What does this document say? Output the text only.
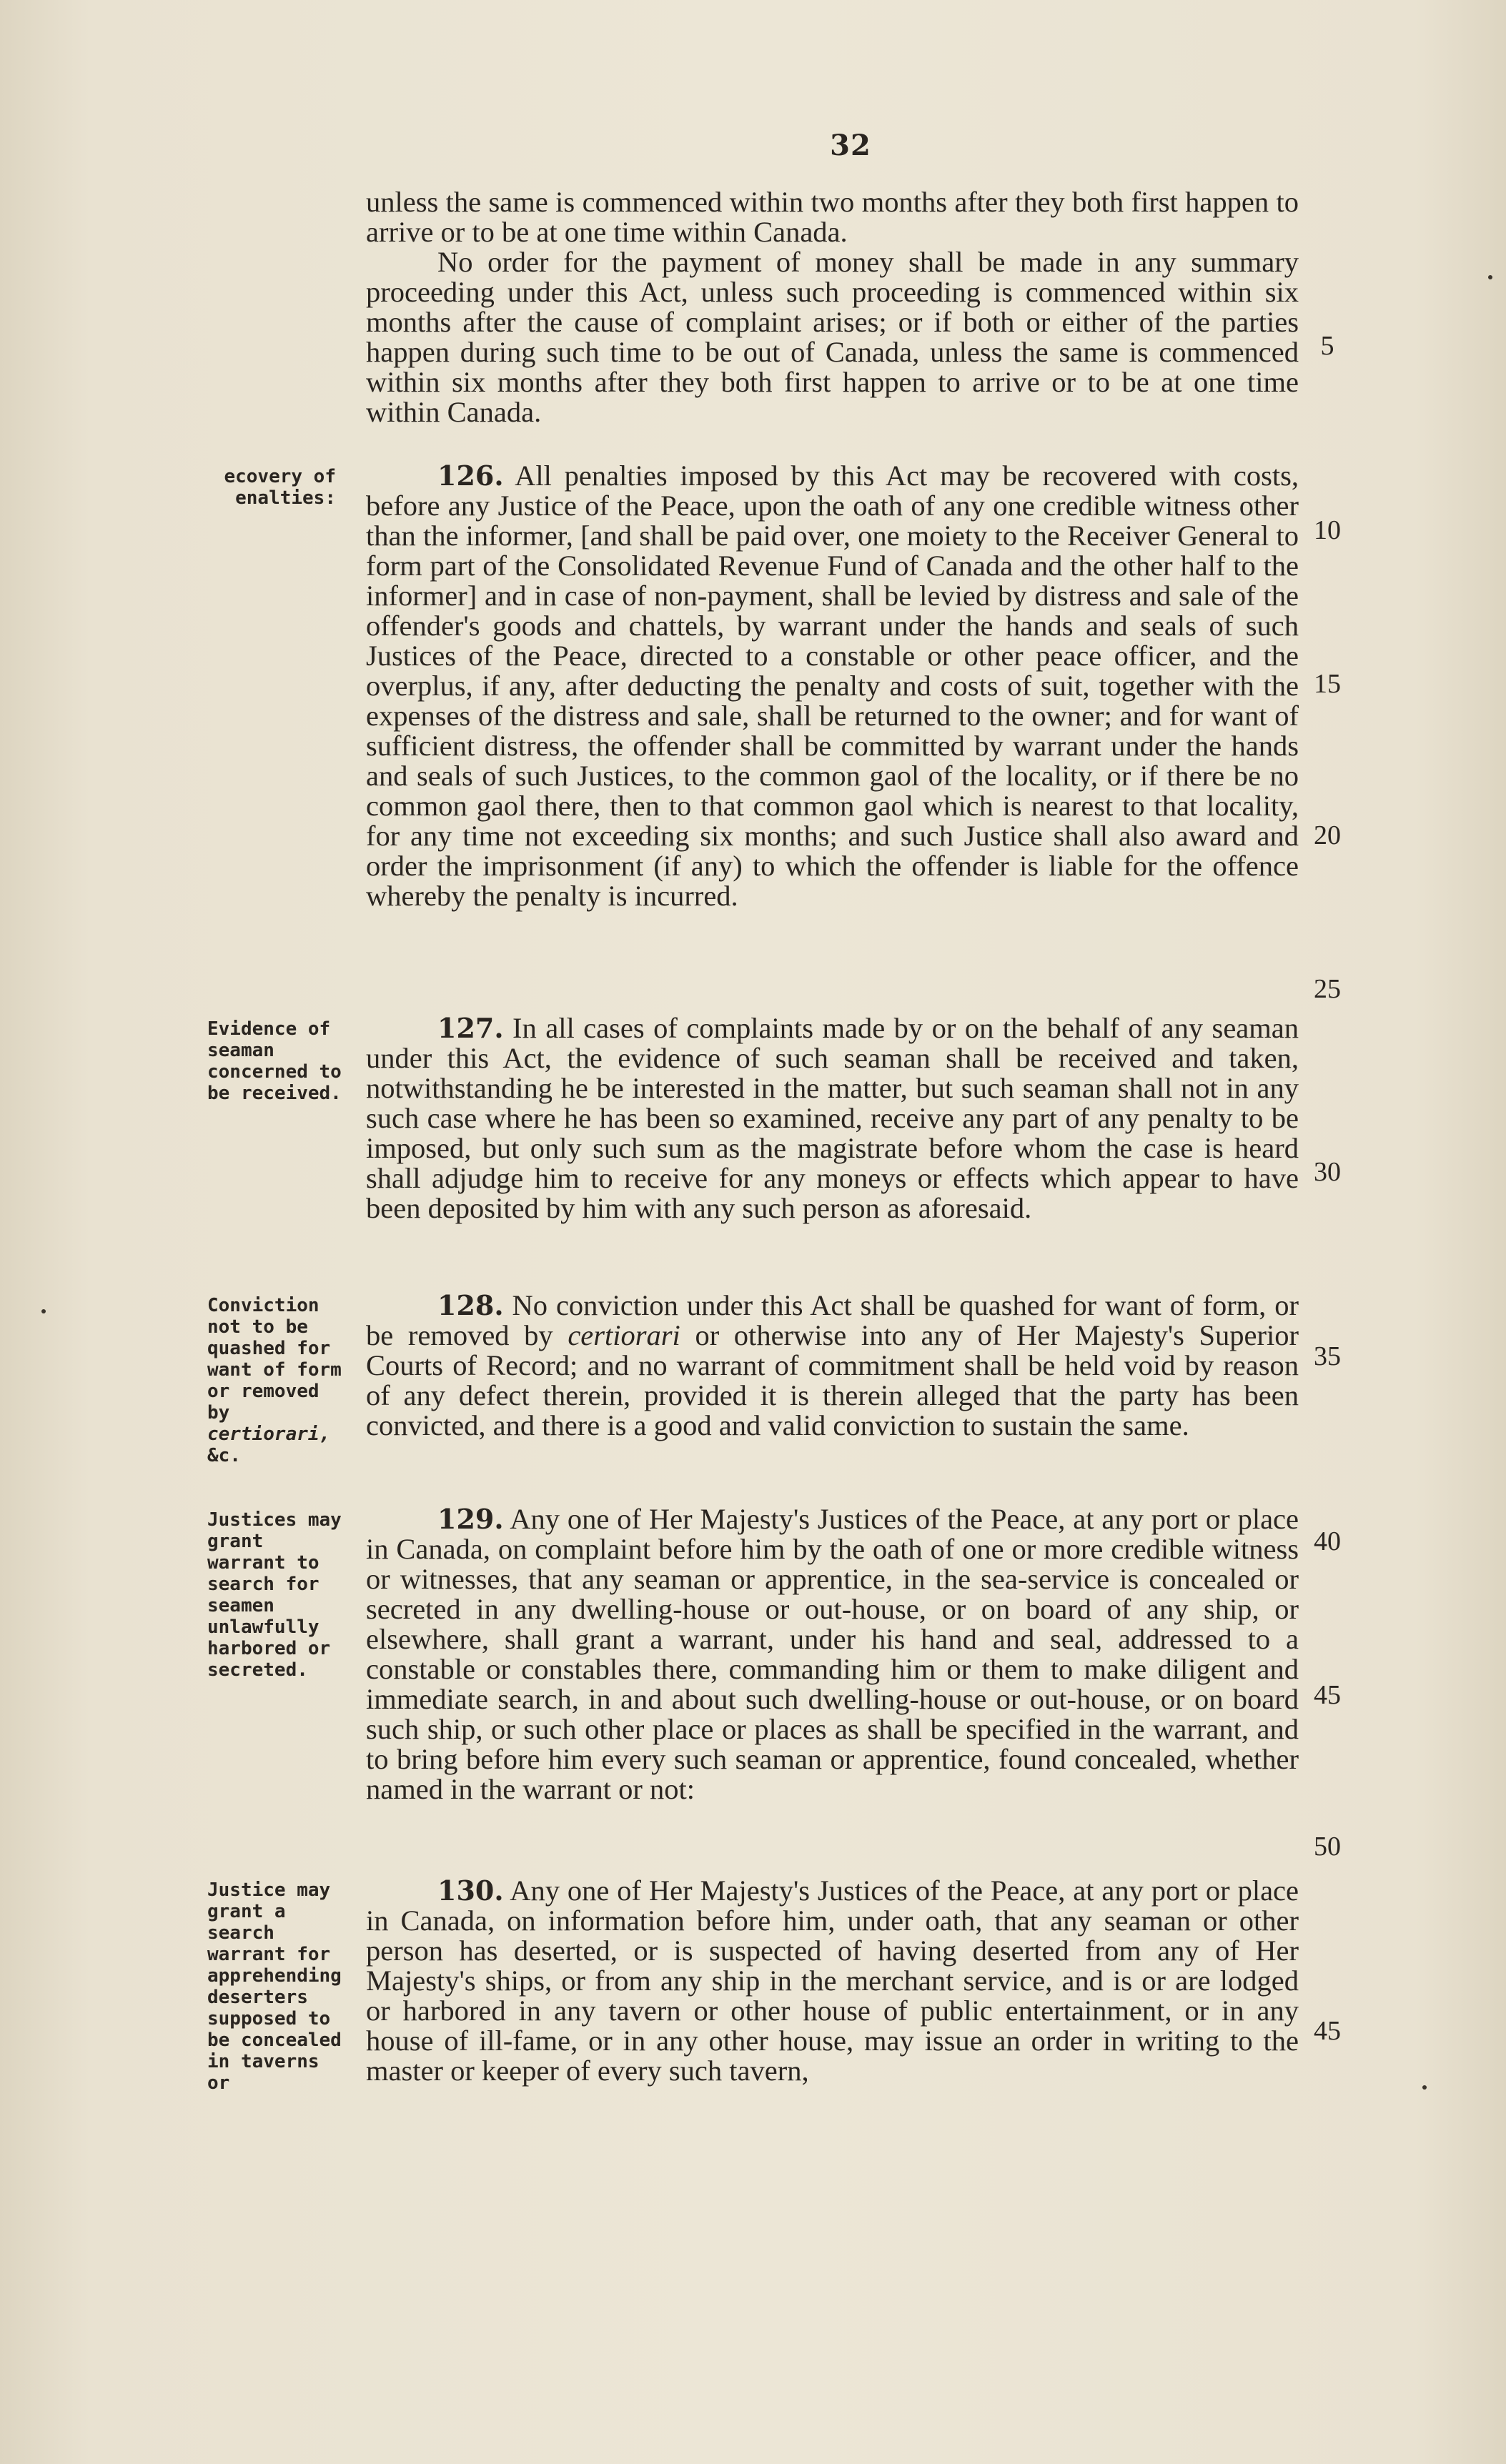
32

unless the same is commenced within two months after they both first happen to arrive or to be at one time within Canada.

No order for the payment of money shall be made in any summary proceeding under this Act, unless such proceeding is commenced within six months after the cause of complaint arises; or if both or either of the parties happen during such time to be out of Canada, unless the same is commenced within six months after they both first happen to arrive or to be at one time within Canada.

ecovery of enalties:

126. All penalties imposed by this Act may be recovered with costs, before any Justice of the Peace, upon the oath of any one credible witness other than the informer, [and shall be paid over, one moiety to the Receiver General to form part of the Consolidated Revenue Fund of Canada and the other half to the informer] and in case of non-payment, shall be levied by distress and sale of the offender's goods and chattels, by warrant under the hands and seals of such Justices of the Peace, directed to a constable or other peace officer, and the overplus, if any, after deducting the penalty and costs of suit, together with the expenses of the distress and sale, shall be returned to the owner; and for want of sufficient distress, the offender shall be committed by warrant under the hands and seals of such Justices, to the common gaol of the locality, or if there be no common gaol there, then to that common gaol which is nearest to that locality, for any time not exceeding six months; and such Justice shall also award and order the imprisonment (if any) to which the offender is liable for the offence whereby the penalty is incurred.

Evidence of seaman concerned to be received.

127. In all cases of complaints made by or on the behalf of any seaman under this Act, the evidence of such seaman shall be received and taken, notwithstanding he be interested in the matter, but such seaman shall not in any such case where he has been so examined, receive any part of any penalty to be imposed, but only such sum as the magistrate before whom the case is heard shall adjudge him to receive for any moneys or effects which appear to have been deposited by him with any such person as aforesaid.

Conviction not to be quashed for want of form or removed by certiorari, &c.

128. No conviction under this Act shall be quashed for want of form, or be removed by certiorari or otherwise into any of Her Majesty's Superior Courts of Record; and no warrant of commitment shall be held void by reason of any defect therein, provided it is therein alleged that the party has been convicted, and there is a good and valid conviction to sustain the same.

Justices may grant warrant to search for seamen unlawfully harbored or secreted.

129. Any one of Her Majesty's Justices of the Peace, at any port or place in Canada, on complaint before him by the oath of one or more credible witness or witnesses, that any seaman or apprentice, in the sea-service is concealed or secreted in any dwelling-house or out-house, or on board of any ship, or elsewhere, shall grant a warrant, under his hand and seal, addressed to a constable or constables there, commanding him or them to make diligent and immediate search, in and about such dwelling-house or out-house, or on board such ship, or such other place or places as shall be specified in the warrant, and to bring before him every such seaman or apprentice, found concealed, whether named in the warrant or not:

Justice may grant a search warrant for apprehending deserters supposed to be concealed in taverns or

130. Any one of Her Majesty's Justices of the Peace, at any port or place in Canada, on information before him, under oath, that any seaman or other person has deserted, or is suspected of having deserted from any of Her Majesty's ships, or from any ship in the merchant service, and is or are lodged or harbored in any tavern or other house of public entertainment, or in any house of ill-fame, or in any other house, may issue an order in writing to the master or keeper of every such tavern,

5
10
15
20
25
30
35
40
45
50
45
